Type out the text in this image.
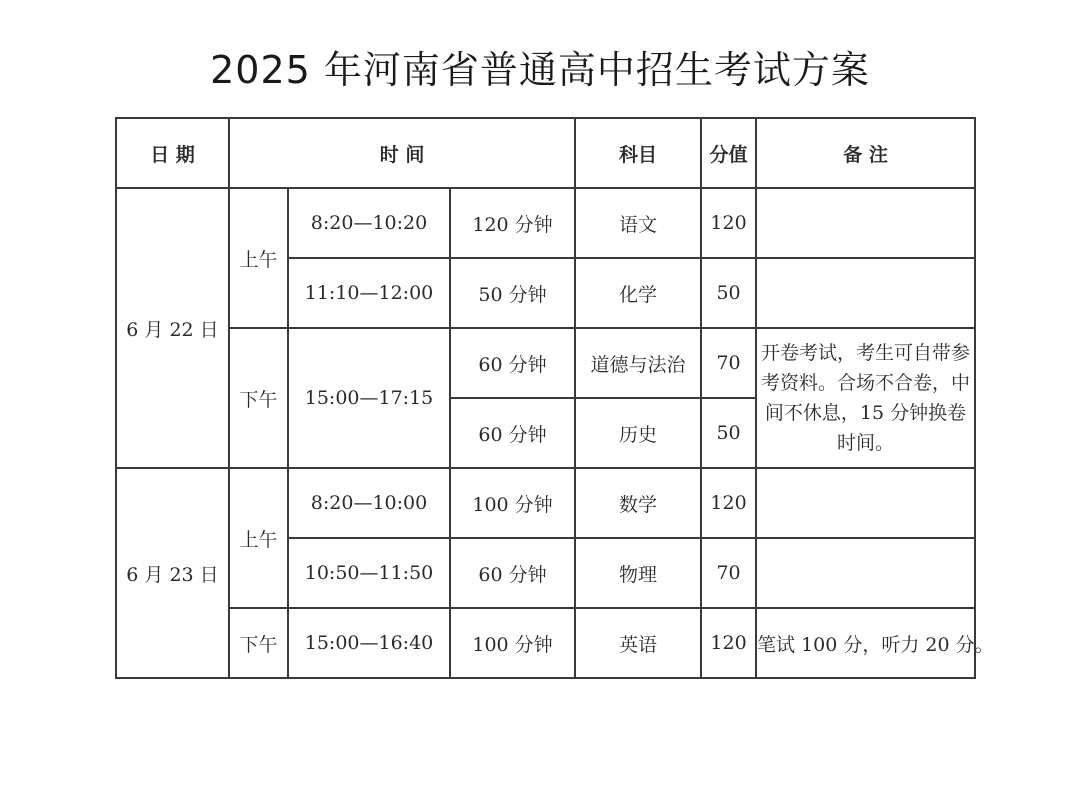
2025 年河南省普通高中招生考试方案
日 期	时 间			科目	分值	备 注
6 月 22 日	上午	8:20—10:20	120 分钟	语文	120	
		11:10—12:00	50 分钟	化学	50	
	下午	15:00—17:15	60 分钟	道德与法治	70	开卷考试，考生可自带参考资料。合场不合卷，中间不休息，15 分钟换卷时间。
			60 分钟	历史	50	
6 月 23 日	上午	8:20—10:00	100 分钟	数学	120	
		10:50—11:50	60 分钟	物理	70	
	下午	15:00—16:40	100 分钟	英语	120	笔试 100 分，听力 20 分。
